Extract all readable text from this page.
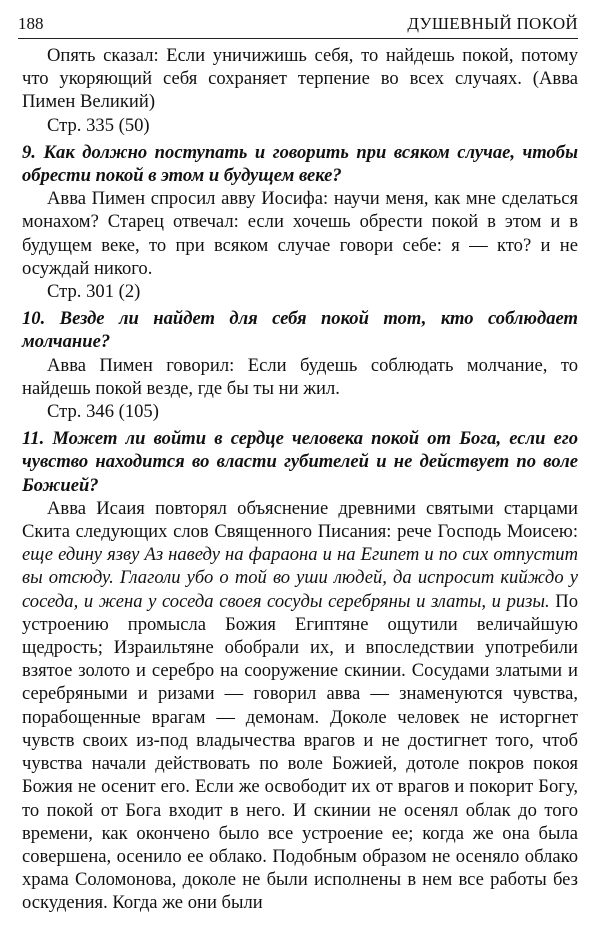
188	ДУШЕВНЫЙ ПОКОЙ

Опять сказал: Если уничижишь себя, то найдешь покой, потому что укоряющий себя сохраняет терпение во всех случаях. (Авва Пимен Великий)

Стр. 335 (50)

9. Как должно поступать и говорить при всяком случае, чтобы обрести покой в этом и будущем веке?

Авва Пимен спросил авву Иосифа: научи меня, как мне сделаться монахом? Старец отвечал: если хочешь обрести покой в этом и в будущем веке, то при всяком случае говори себе: я — кто? и не осуждай никого.

Стр. 301 (2)

10. Везде ли найдет для себя покой тот, кто соблюдает молчание?

Авва Пимен говорил: Если будешь соблюдать молчание, то найдешь покой везде, где бы ты ни жил.

Стр. 346 (105)

11. Может ли войти в сердце человека покой от Бога, если его чувство находится во власти губителей и не действует по воле Божией?

Авва Исаия повторял объяснение древними святыми старцами Скита следующих слов Священного Писания: рече Господь Моисею: еще едину язву Аз наведу на фараона и на Египет и по сих отпустит вы отсюду. Глаголи убо о той во уши людей, да испросит кийждо у соседа, и жена у соседа своея сосуды серебряны и златы, и ризы. По устроению промысла Божия Египтяне ощутили величайшую щедрость; Израильтяне обобрали их, и впоследствии употребили взятое золото и серебро на сооружение скинии. Сосудами златыми и серебряными и ризами — говорил авва — знаменуются чувства, порабощенные врагам — демонам. Доколе человек не исторгнет чувств своих из-под владычества врагов и не достигнет того, чтоб чувства начали действовать по воле Божией, дотоле покров покоя Божия не осенит его. Если же освободит их от врагов и покорит Богу, то покой от Бога входит в него. И скинии не осенял облак до того времени, как окончено было все устроение ее; когда же она была совершена, осенило ее облако. Подобным образом не осеняло облако храма Соломонова, доколе не были исполнены в нем все работы без оскудения. Когда же они были
